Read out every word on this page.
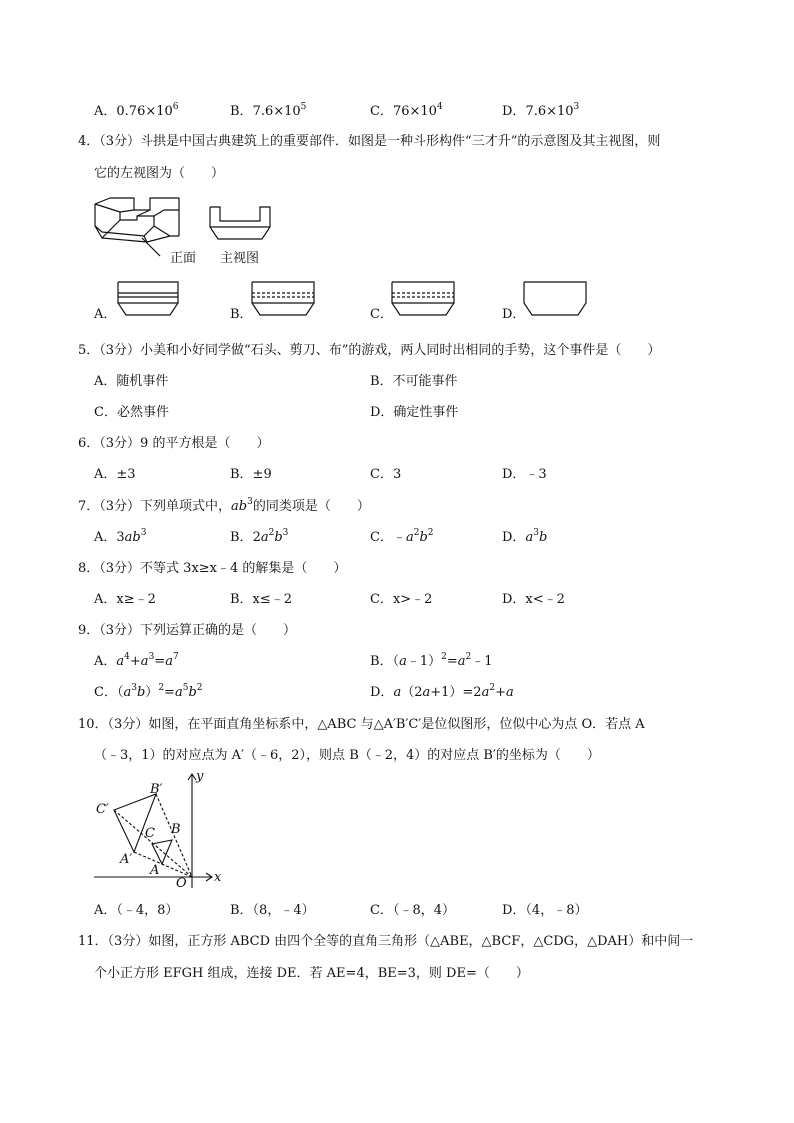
A．$0.76\times 10^6$	B．$7.6\times 10^5$	C．$76\times 10^4$	D．$7.6\times 10^3$
4．（3分）斗拱是中国古典建筑上的重要部件．如图是一种斗形构件“三才升”的示意图及其主视图，则
它的左视图为（　　）
正面 主视图
A．	B．	C．	D．
5．（3分）小美和小好同学做“石头、剪刀、布”的游戏，两人同时出相同的手势，这个事件是（　　）
A．随机事件	B．不可能事件
C．必然事件	D．确定性事件
6．（3分）9 的平方根是（　　）
A．±3	B．±9	C．3	D．﹣3
7．（3分）下列单项式中，$ab^3$的同类项是（　　）
A．$3ab^3$	B．$2a^2b^3$	C．$﹣a^2b^2$	D．$a^3b$
8．（3分）不等式 3x≥x﹣4 的解集是（　　）
A．x≥﹣2	B．x≤﹣2	C．x>﹣2	D．x<﹣2
9．（3分）下列运算正确的是（　　）
A．$a^4+a^3=a^7$	B．$(a﹣1)^2=a^2﹣1$
C．$(a^3b)^2=a^5b^2$	D．$a(2a+1)=2a^2+a$
10．（3分）如图，在平面直角坐标系中，△ABC 与△A′B′C′是位似图形，位似中心为点 O．若点 A
（﹣3，1）的对应点为 A′（﹣6，2），则点 B（﹣2，4）的对应点 B′的坐标为（　　）
y
x
O
B′
C′
A′
C B
A
A．（﹣4，8）	B．（8，﹣4）	C．（﹣8，4）	D．（4，﹣8）
11．（3分）如图，正方形 ABCD 由四个全等的直角三角形（△ABE，△BCF，△CDG，△DAH）和中间一
个小正方形 EFGH 组成，连接 DE．若 AE=4，BE=3，则 DE=（　　）
